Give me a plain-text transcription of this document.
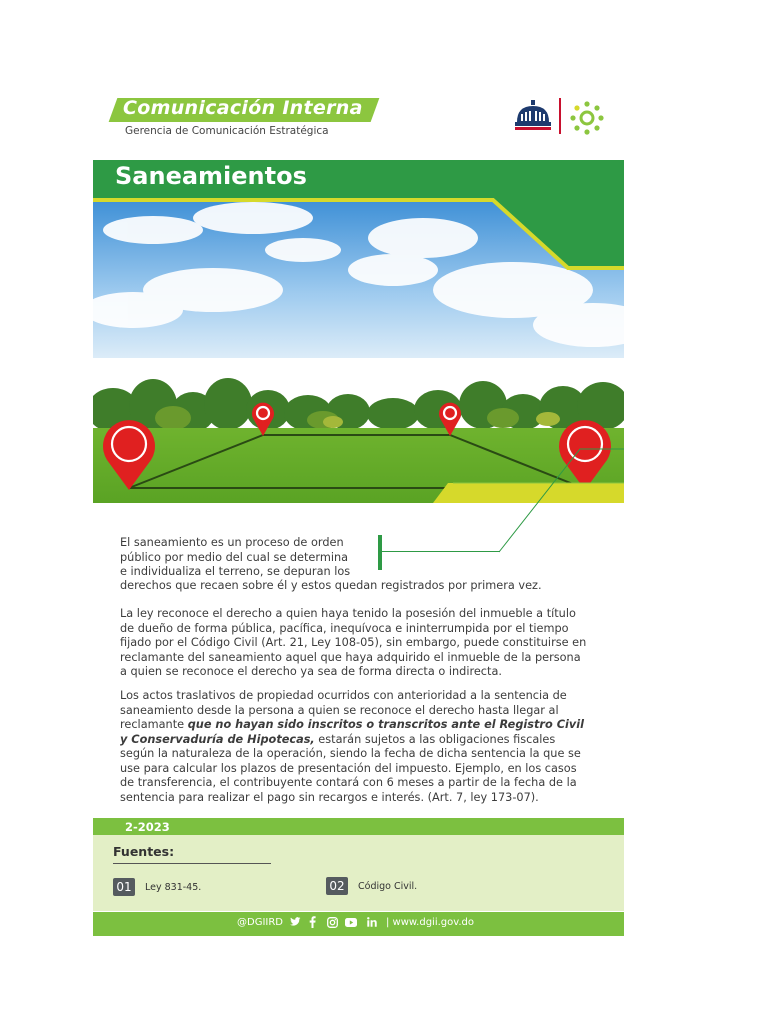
Comunicación Interna
Gerencia de Comunicación Estratégica
Saneamientos
El saneamiento es un proceso de orden
público por medio del cual se determina
e individualiza el terreno, se depuran los
derechos que recaen sobre él y estos quedan registrados por primera vez.
La ley reconoce el derecho a quien haya tenido la posesión del inmueble a título de dueño de forma pública, pacífica, inequívoca e ininterrumpida por el tiempo fijado por el Código Civil (Art. 21, Ley 108-05), sin embargo, puede constituirse en reclamante del saneamiento aquel que haya adquirido el inmueble de la persona a quien se reconoce el derecho ya sea de forma directa o indirecta.
Los actos traslativos de propiedad ocurridos con anterioridad a la sentencia de saneamiento desde la persona a quien se reconoce el derecho hasta llegar al reclamante que no hayan sido inscritos o transcritos ante el Registro Civil y Conservaduría de Hipotecas, estarán sujetos a las obligaciones fiscales según la naturaleza de la operación, siendo la fecha de dicha sentencia la que se use para calcular los plazos de presentación del impuesto. Ejemplo, en los casos de transferencia, el contribuyente contará con 6 meses a partir de la fecha de la sentencia para realizar el pago sin recargos e interés. (Art. 7, ley 173-07).
2-2023
Fuentes:
01	Ley 831-45.	02	Código Civil.
@DGIIRD	| www.dgii.gov.do
